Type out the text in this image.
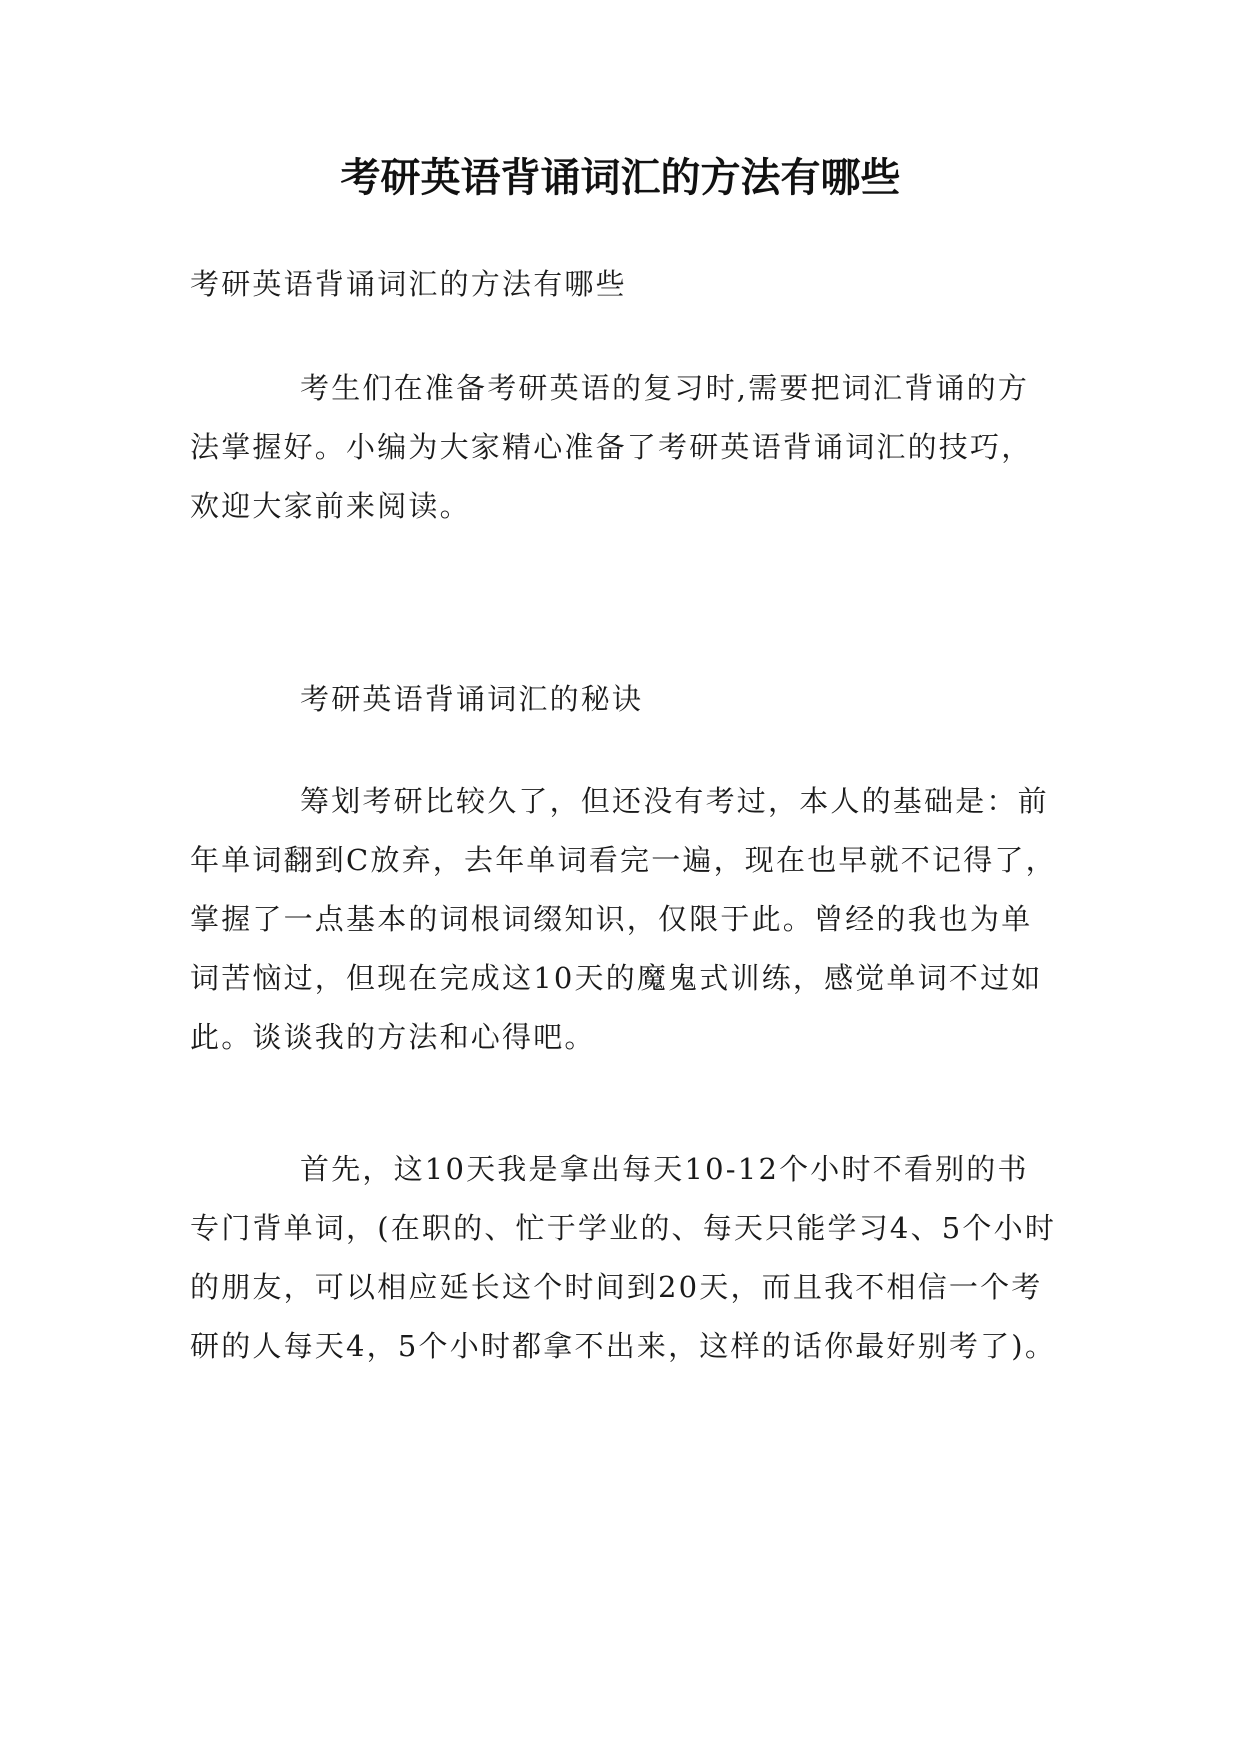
考研英语背诵词汇的方法有哪些

考研英语背诵词汇的方法有哪些

考生们在准备考研英语的复习时,需要把词汇背诵的方法掌握好。小编为大家精心准备了考研英语背诵词汇的技巧，欢迎大家前来阅读。

考研英语背诵词汇的秘诀

筹划考研比较久了，但还没有考过，本人的基础是：前年单词翻到C放弃，去年单词看完一遍，现在也早就不记得了，掌握了一点基本的词根词缀知识，仅限于此。曾经的我也为单词苦恼过，但现在完成这10天的魔鬼式训练，感觉单词不过如此。谈谈我的方法和心得吧。

首先，这10天我是拿出每天10-12个小时不看别的书专门背单词，(在职的、忙于学业的、每天只能学习4、5个小时的朋友，可以相应延长这个时间到20天，而且我不相信一个考研的人每天4，5个小时都拿不出来，这样的话你最好别考了)。
